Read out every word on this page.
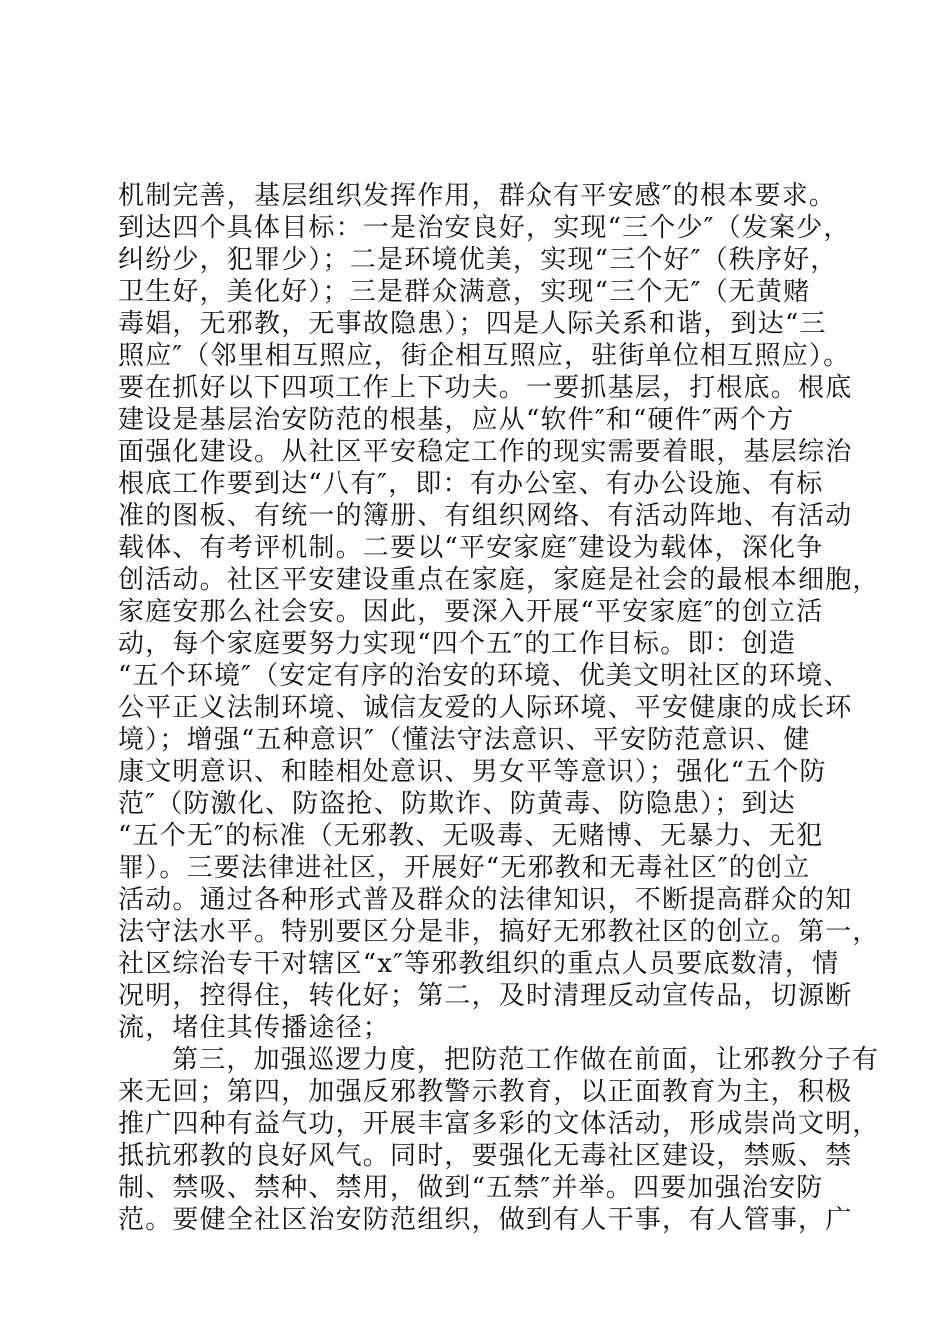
机制完善，基层组织发挥作用，群众有平安感″的根本要求。
到达四个具体目标：一是治安良好，实现“三个少″（发案少，
纠纷少，犯罪少）；二是环境优美，实现“三个好″（秩序好，
卫生好，美化好）；三是群众满意，实现“三个无″（无黄赌
毒娼，无邪教，无事故隐患）；四是人际关系和谐，到达“三
照应″（邻里相互照应，街企相互照应，驻街单位相互照应）。
要在抓好以下四项工作上下功夫。一要抓基层，打根底。根底
建设是基层治安防范的根基，应从“软件″和“硬件″两个方
面强化建设。从社区平安稳定工作的现实需要着眼，基层综治
根底工作要到达“八有″，即：有办公室、有办公设施、有标
准的图板、有统一的簿册、有组织网络、有活动阵地、有活动
载体、有考评机制。二要以“平安家庭″建设为载体，深化争
创活动。社区平安建设重点在家庭，家庭是社会的最根本细胞，
家庭安那么社会安。因此，要深入开展“平安家庭″的创立活
动，每个家庭要努力实现“四个五″的工作目标。即：创造
“五个环境″（安定有序的治安的环境、优美文明社区的环境、
公平正义法制环境、诚信友爱的人际环境、平安健康的成长环
境）；增强“五种意识″（懂法守法意识、平安防范意识、健
康文明意识、和睦相处意识、男女平等意识）；强化“五个防
范″（防激化、防盗抢、防欺诈、防黄毒、防隐患）；到达
“五个无″的标准（无邪教、无吸毒、无赌博、无暴力、无犯
罪）。三要法律进社区，开展好“无邪教和无毒社区″的创立
活动。通过各种形式普及群众的法律知识，不断提高群众的知
法守法水平。特别要区分是非，搞好无邪教社区的创立。第一，
社区综治专干对辖区“x″等邪教组织的重点人员要底数清，情
况明，控得住，转化好；第二，及时清理反动宣传品，切源断
流，堵住其传播途径；
第三，加强巡逻力度，把防范工作做在前面，让邪教分子有
来无回；第四，加强反邪教警示教育，以正面教育为主，积极
推广四种有益气功，开展丰富多彩的文体活动，形成崇尚文明，
抵抗邪教的良好风气。同时，要强化无毒社区建设，禁贩、禁
制、禁吸、禁种、禁用，做到“五禁″并举。四要加强治安防
范。要健全社区治安防范组织，做到有人干事，有人管事，广
